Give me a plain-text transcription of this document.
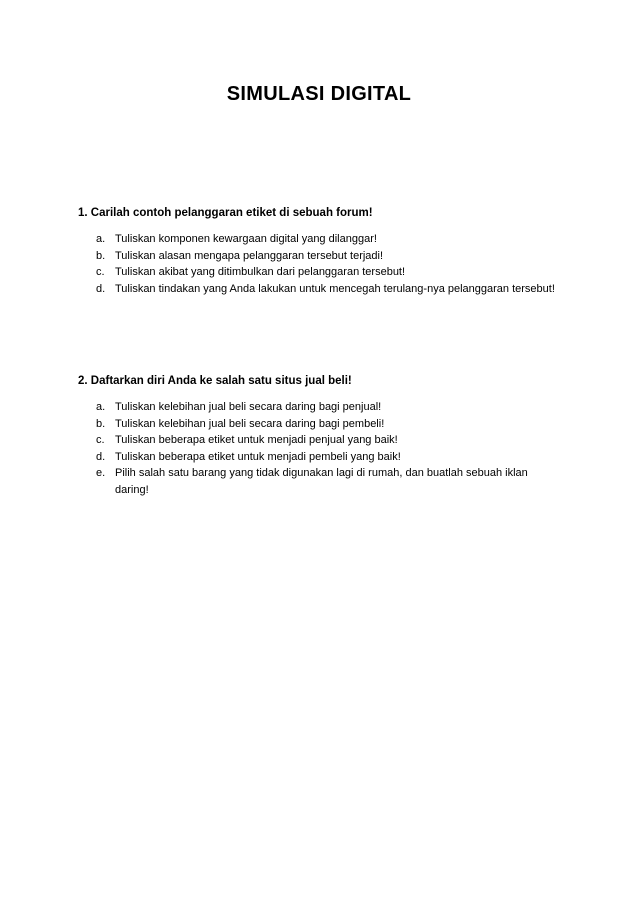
SIMULASI DIGITAL

1. Carilah contoh pelanggaran etiket di sebuah forum!

a. Tuliskan komponen kewargaan digital yang dilanggar!
b. Tuliskan alasan mengapa pelanggaran tersebut terjadi!
c. Tuliskan akibat yang ditimbulkan dari pelanggaran tersebut!
d. Tuliskan tindakan yang Anda lakukan untuk mencegah terulang-nya pelanggaran tersebut!

2. Daftarkan diri Anda ke salah satu situs jual beli!

a. Tuliskan kelebihan jual beli secara daring bagi penjual!
b. Tuliskan kelebihan jual beli secara daring bagi pembeli!
c. Tuliskan beberapa etiket untuk menjadi penjual yang baik!
d. Tuliskan beberapa etiket untuk menjadi pembeli yang baik!
e. Pilih salah satu barang yang tidak digunakan lagi di rumah, dan buatlah sebuah iklan daring!
